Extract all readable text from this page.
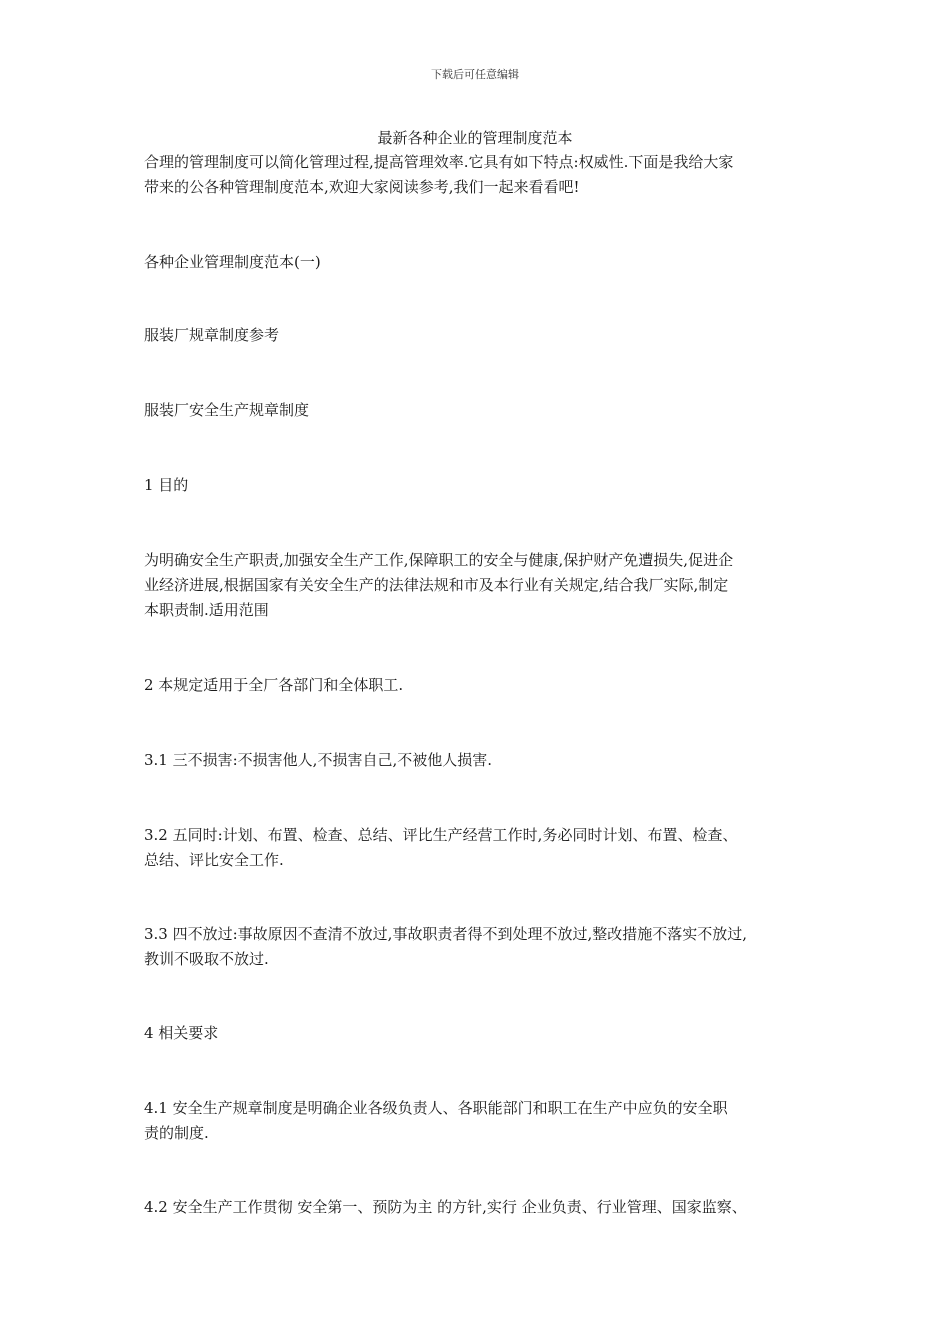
下载后可任意编辑
最新各种企业的管理制度范本
合理的管理制度可以简化管理过程,提高管理效率.它具有如下特点:权威性.下面是我给大家
带来的公各种管理制度范本,欢迎大家阅读参考,我们一起来看看吧!
各种企业管理制度范本(一)
服装厂规章制度参考
服装厂安全生产规章制度
1 目的
为明确安全生产职责,加强安全生产工作,保障职工的安全与健康,保护财产免遭损失,促进企
业经济进展,根据国家有关安全生产的法律法规和市及本行业有关规定,结合我厂实际,制定
本职责制.适用范围
2 本规定适用于全厂各部门和全体职工.
3.1 三不损害:不损害他人,不损害自己,不被他人损害.
3.2 五同时:计划、布置、检查、总结、评比生产经营工作时,务必同时计划、布置、检查、
总结、评比安全工作.
3.3 四不放过:事故原因不查清不放过,事故职责者得不到处理不放过,整改措施不落实不放过,
教训不吸取不放过.
4 相关要求
4.1 安全生产规章制度是明确企业各级负责人、各职能部门和职工在生产中应负的安全职
责的制度.
4.2 安全生产工作贯彻 安全第一、预防为主 的方针,实行 企业负责、行业管理、国家监察、
